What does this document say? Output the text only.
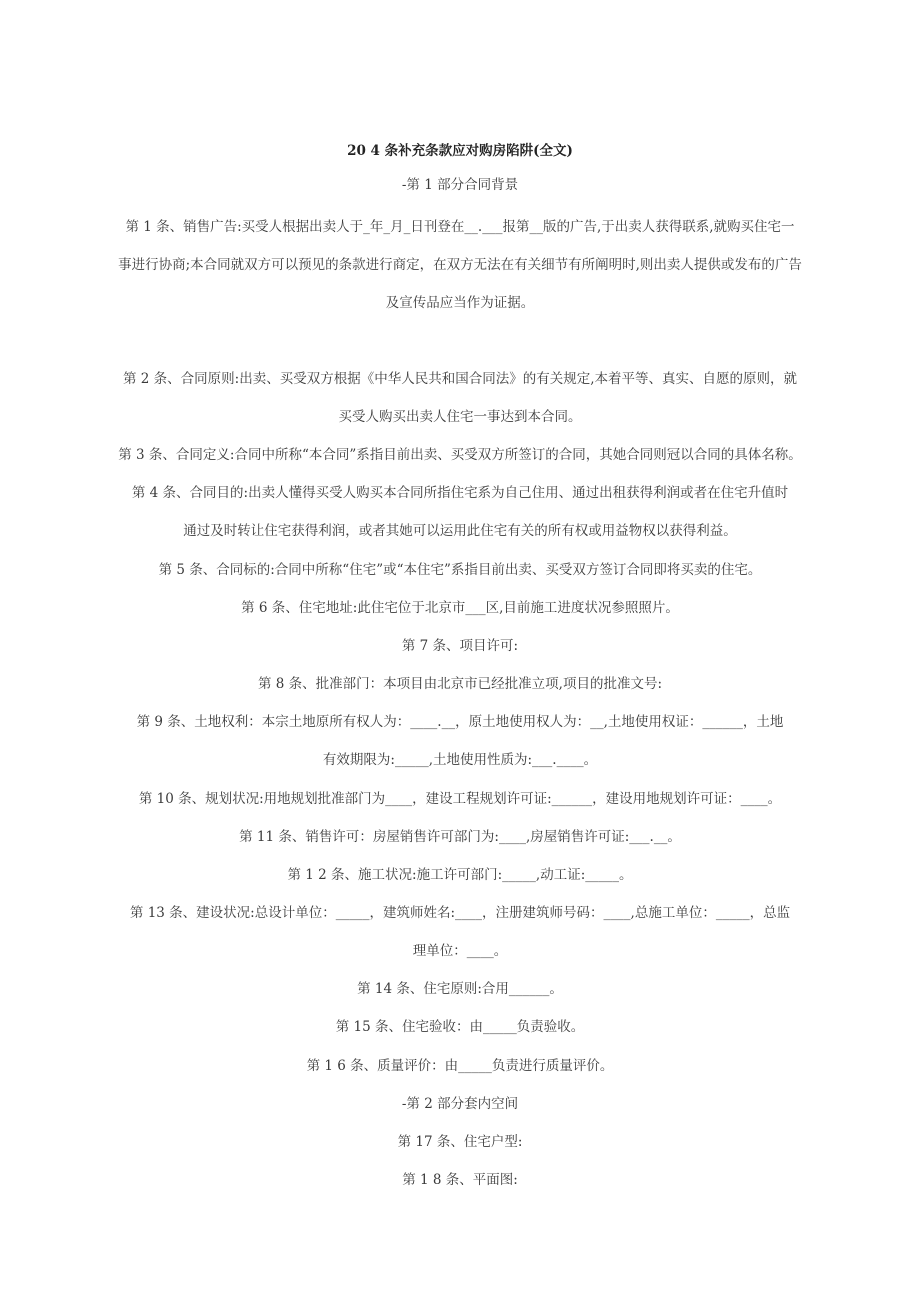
20 4 条补充条款应对购房陷阱(全文)
-第 1 部分合同背景
第 1 条、销售广告:买受人根据出卖人于_年_月_日刊登在__.___报第__版的广告,于出卖人获得联系,就购买住宅一
事进行协商;本合同就双方可以预见的条款进行商定，在双方无法在有关细节有所阐明时,则出卖人提供或发布的广告
及宣传品应当作为证据。
第 2 条、合同原则:出卖、买受双方根据《中华人民共和国合同法》的有关规定,本着平等、真实、自愿的原则，就
买受人购买出卖人住宅一事达到本合同。
第 3 条、合同定义:合同中所称“本合同”系指目前出卖、买受双方所签订的合同，其她合同则冠以合同的具体名称。
第 4 条、合同目的:出卖人懂得买受人购买本合同所指住宅系为自己住用、通过出租获得利润或者在住宅升值时
通过及时转让住宅获得利润，或者其她可以运用此住宅有关的所有权或用益物权以获得利益。
第 5 条、合同标的:合同中所称“住宅”或“本住宅”系指目前出卖、买受双方签订合同即将买卖的住宅。
第 6 条、住宅地址:此住宅位于北京市___区,目前施工进度状况参照照片。
第 7 条、项目许可:
第 8 条、批准部门：本项目由北京市已经批准立项,项目的批准文号:
第 9 条、土地权利：本宗土地原所有权人为：____.__，原土地使用权人为：__,土地使用权证：______，土地
有效期限为:_____,土地使用性质为:___.____。
第 10 条、规划状况:用地规划批准部门为____，建设工程规划许可证:______，建设用地规划许可证：____。
第 11 条、销售许可：房屋销售许可部门为:____,房屋销售许可证:___.__。
第 1 2 条、施工状况:施工许可部门:_____,动工证:_____。
第 13 条、建设状况:总设计单位：_____，建筑师姓名:____，注册建筑师号码：____,总施工单位：_____，总监
理单位：____。
第 14 条、住宅原则:合用______。
第 15 条、住宅验收：由_____负责验收。
第 1 6 条、质量评价：由_____负责进行质量评价。
-第 2 部分套内空间
第 17 条、住宅户型:
第 1 8 条、平面图:
